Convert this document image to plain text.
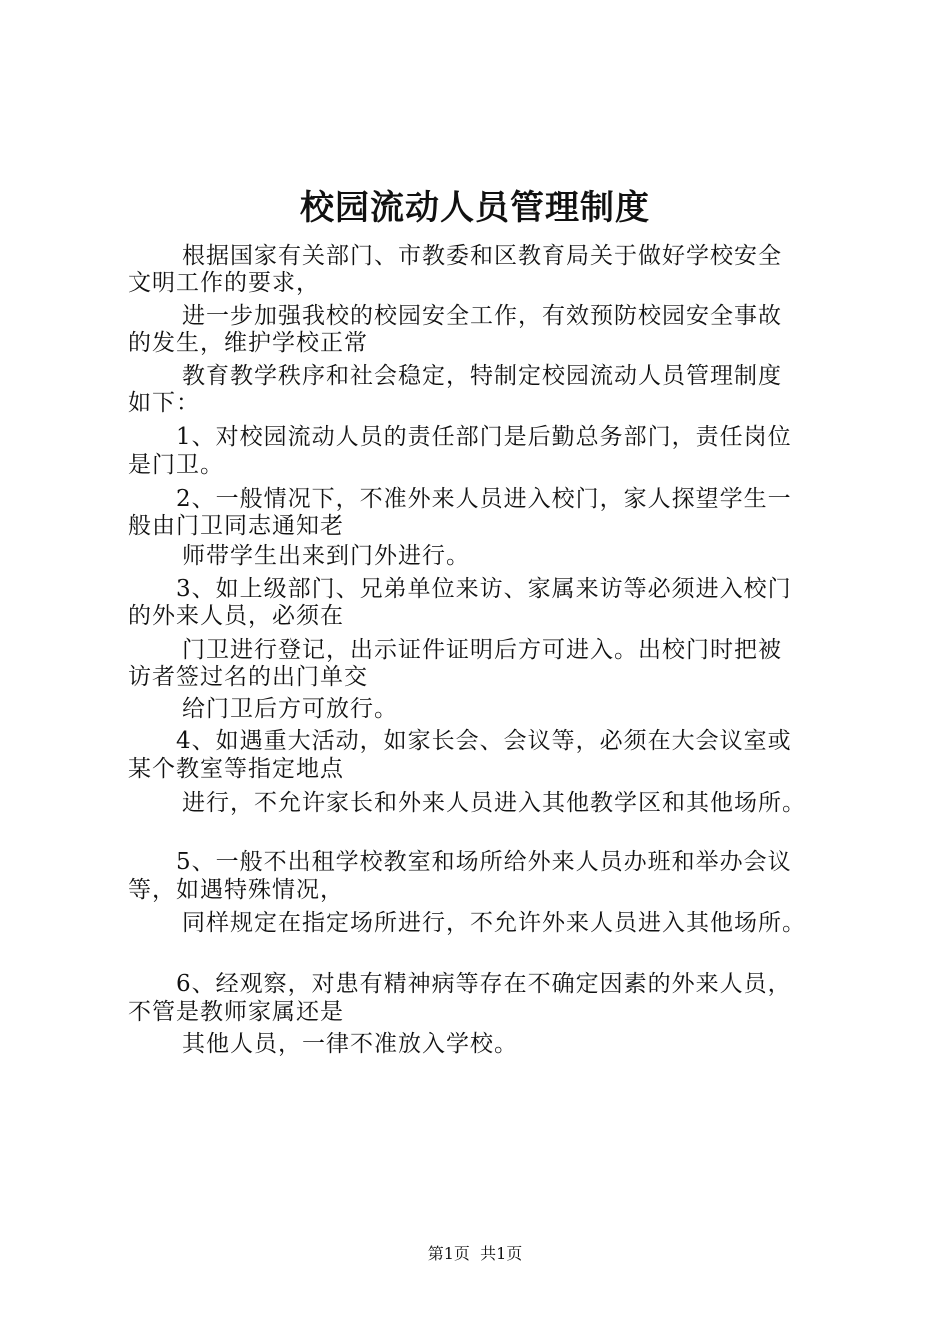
校园流动人员管理制度
根据国家有关部门、市教委和区教育局关于做好学校安全
文明工作的要求，
进一步加强我校的校园安全工作，有效预防校园安全事故
的发生，维护学校正常
教育教学秩序和社会稳定，特制定校园流动人员管理制度
如下：
1、对校园流动人员的责任部门是后勤总务部门，责任岗位
是门卫。
2、一般情况下，不准外来人员进入校门，家人探望学生一
般由门卫同志通知老
师带学生出来到门外进行。
3、如上级部门、兄弟单位来访、家属来访等必须进入校门
的外来人员，必须在
门卫进行登记，出示证件证明后方可进入。出校门时把被
访者签过名的出门单交
给门卫后方可放行。
4、如遇重大活动，如家长会、会议等，必须在大会议室或
某个教室等指定地点
进行，不允许家长和外来人员进入其他教学区和其他场所。
5、一般不出租学校教室和场所给外来人员办班和举办会议
等，如遇特殊情况，
同样规定在指定场所进行，不允许外来人员进入其他场所。
6、经观察，对患有精神病等存在不确定因素的外来人员，
不管是教师家属还是
其他人员，一律不准放入学校。
第1页  共1页
